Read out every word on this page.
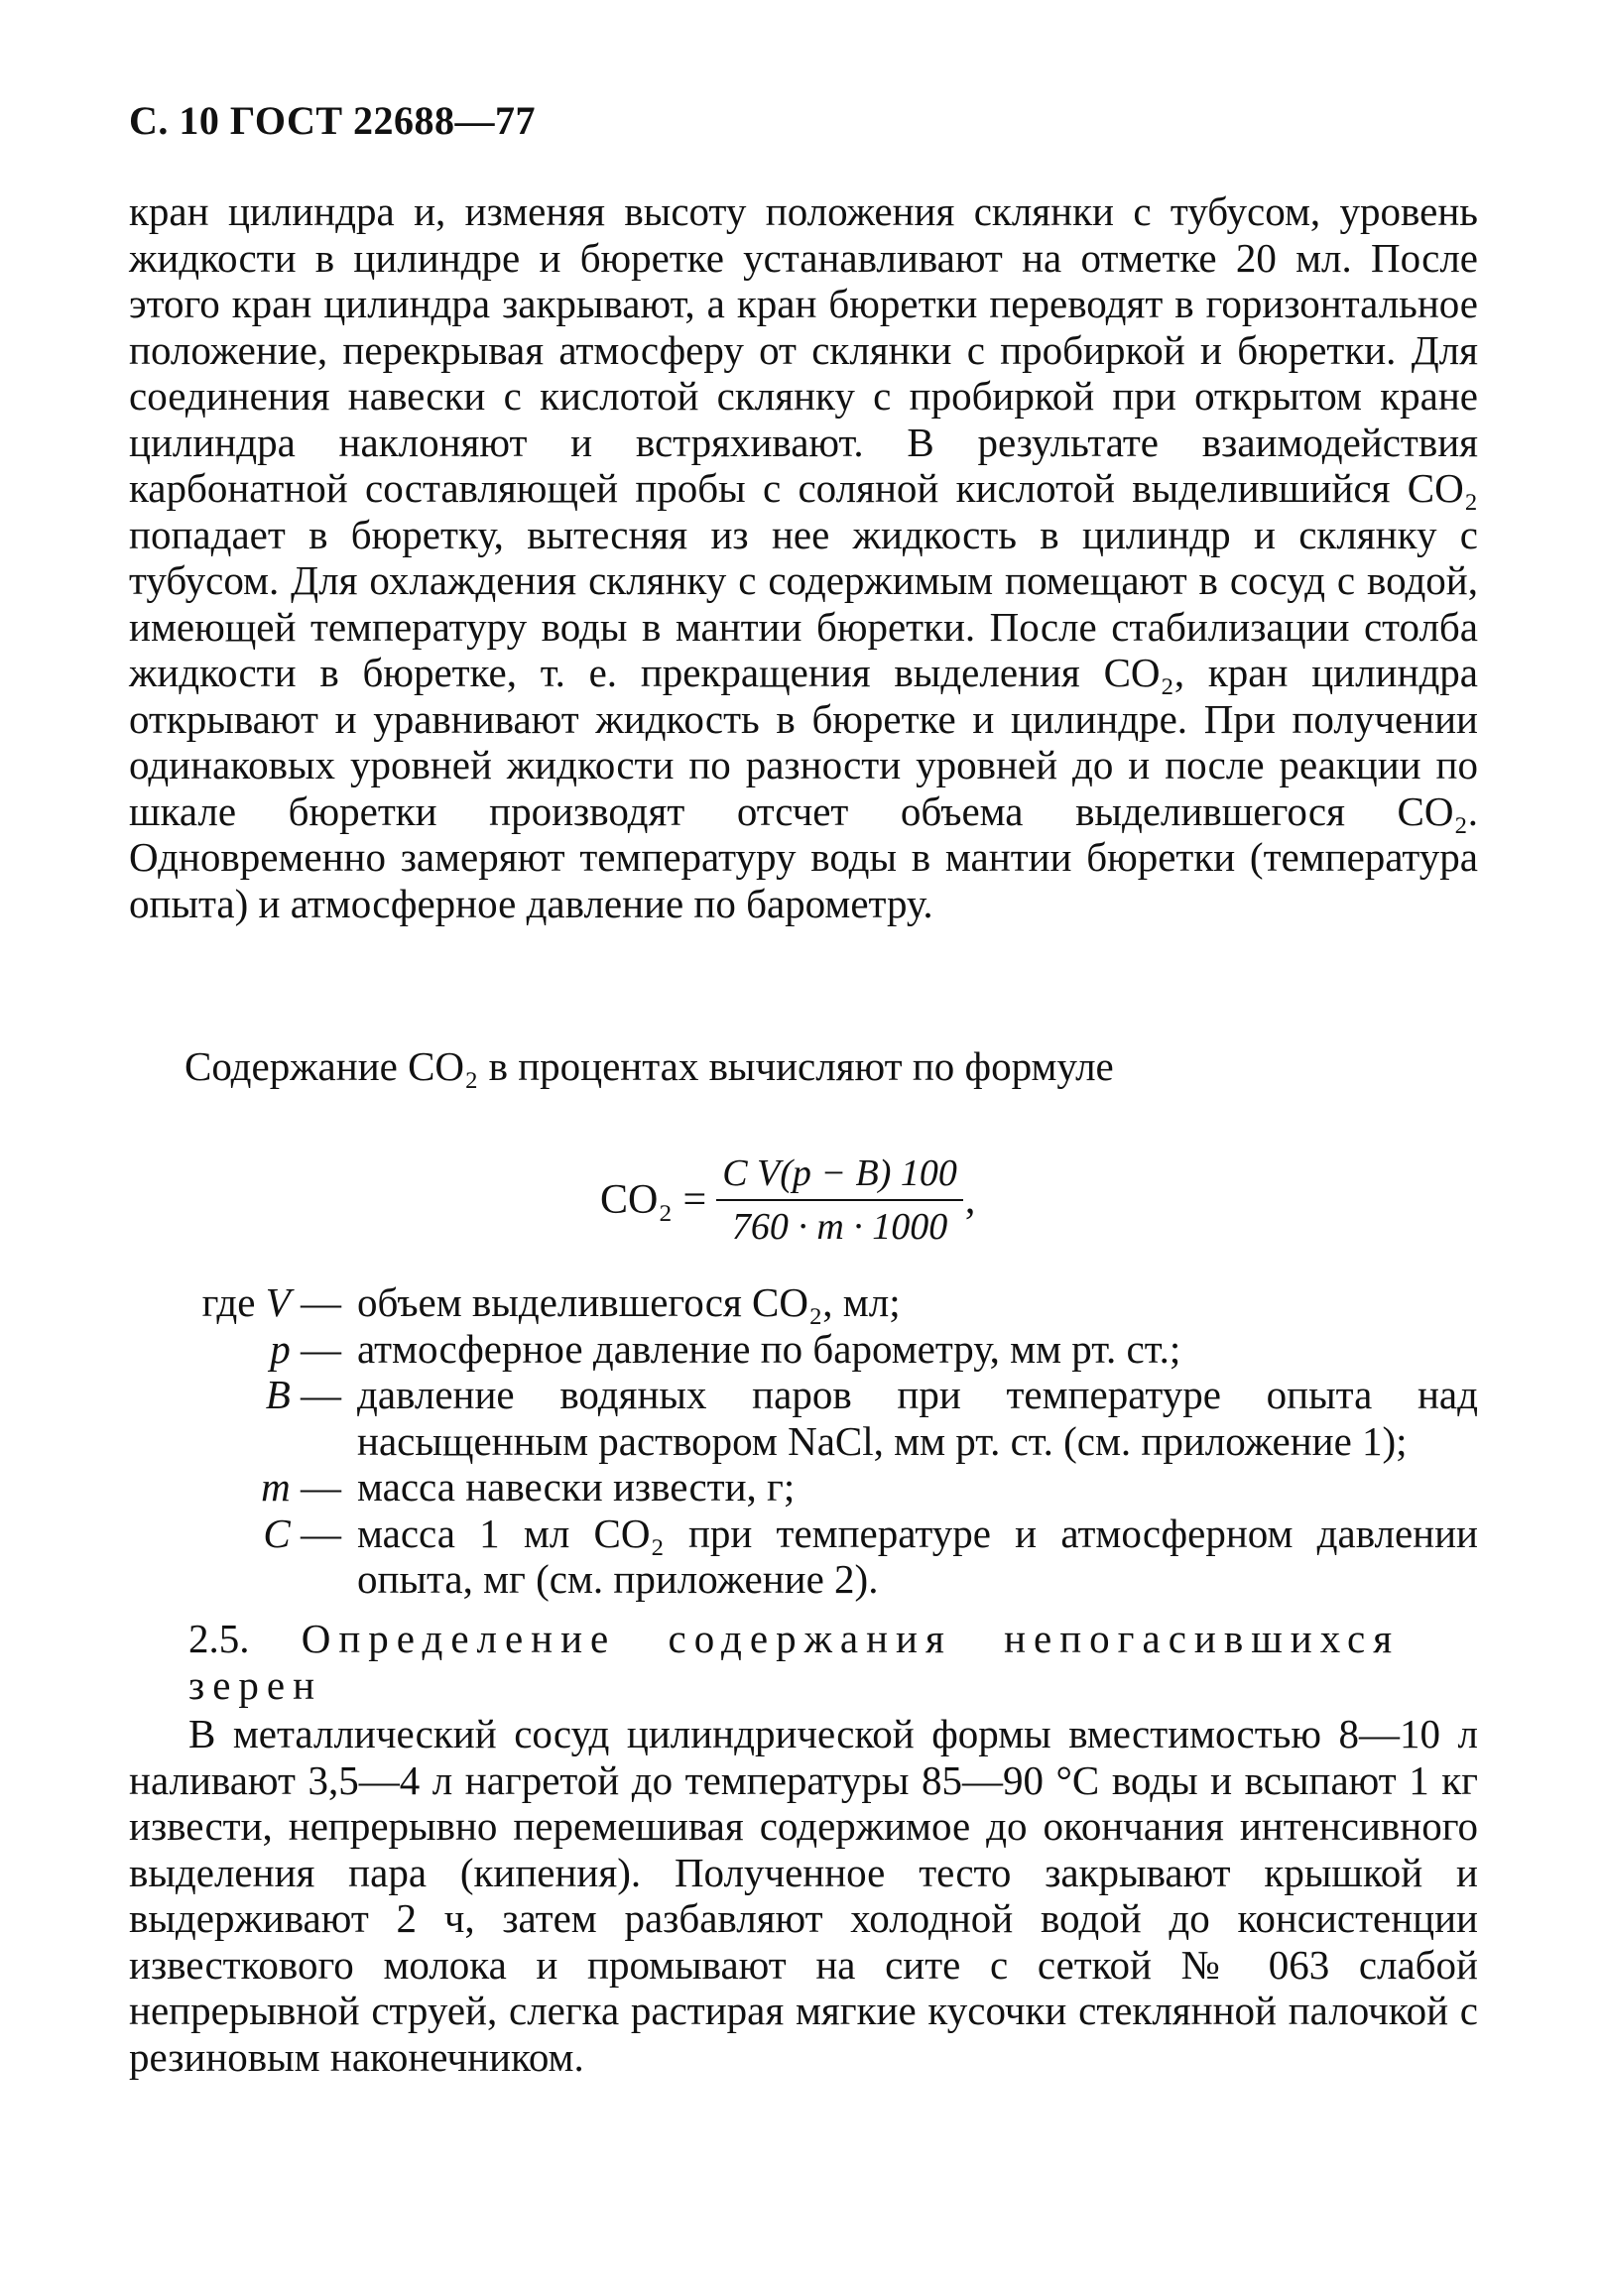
С. 10 ГОСТ 22688—77

кран цилиндра и, изменяя высоту положения склянки с тубусом, уровень жидкости в цилиндре и бюретке устанавливают на отметке 20 мл. После этого кран цилиндра закрывают, а кран бюретки переводят в горизонтальное положение, перекрывая атмосферу от склянки с пробиркой и бюретки. Для соединения навески с кислотой склянку с пробиркой при открытом кране цилиндра наклоняют и встряхивают. В результате взаимодействия карбонатной составляющей пробы с соляной кислотой выделившийся СО₂ попадает в бюретку, вытесняя из нее жидкость в цилиндр и склянку с тубусом. Для охлаждения склянку с содержимым помещают в сосуд с водой, имеющей температуру воды в мантии бюретки. После стабилизации столба жидкости в бюретке, т. е. прекращения выделения СО₂, кран цилиндра открывают и уравнивают жидкость в бюретке и цилиндре. При получении одинаковых уровней жидкости по разности уровней до и после реакции по шкале бюретки производят отсчет объема выделившегося СО₂. Одновременно замеряют температуру воды в мантии бюретки (температура опыта) и атмосферное давление по барометру.

Содержание СО₂ в процентах вычисляют по формуле

$CO_2 = \frac{\text{C V(p − B) 100}}{760 \cdot m \cdot 1000}$ ,
где V — объем выделившегося СО₂, мл;
p — атмосферное давление по барометру, мм рт. ст.;
B — давление водяных паров при температуре опыта над насыщенным раствором NaCl, мм рт. ст. (см. приложение 1);
m — масса навески извести, г;
C — масса 1 мл СО₂ при температуре и атмосферном давлении опыта, мг (см. приложение 2).

2.5. Определение содержания непогасившихся зерен

В металлический сосуд цилиндрической формы вместимостью 8—10 л наливают 3,5—4 л нагретой до температуры 85—90 °С воды и всыпают 1 кг извести, непрерывно перемешивая содержимое до окончания интенсивного выделения пара (кипения). Полученное тесто закрывают крышкой и выдерживают 2 ч, затем разбавляют холодной водой до консистенции известкового молока и промывают на сите с сеткой № 063 слабой непрерывной струей, слегка растирая мягкие кусочки стеклянной палочкой с резиновым наконечником.
